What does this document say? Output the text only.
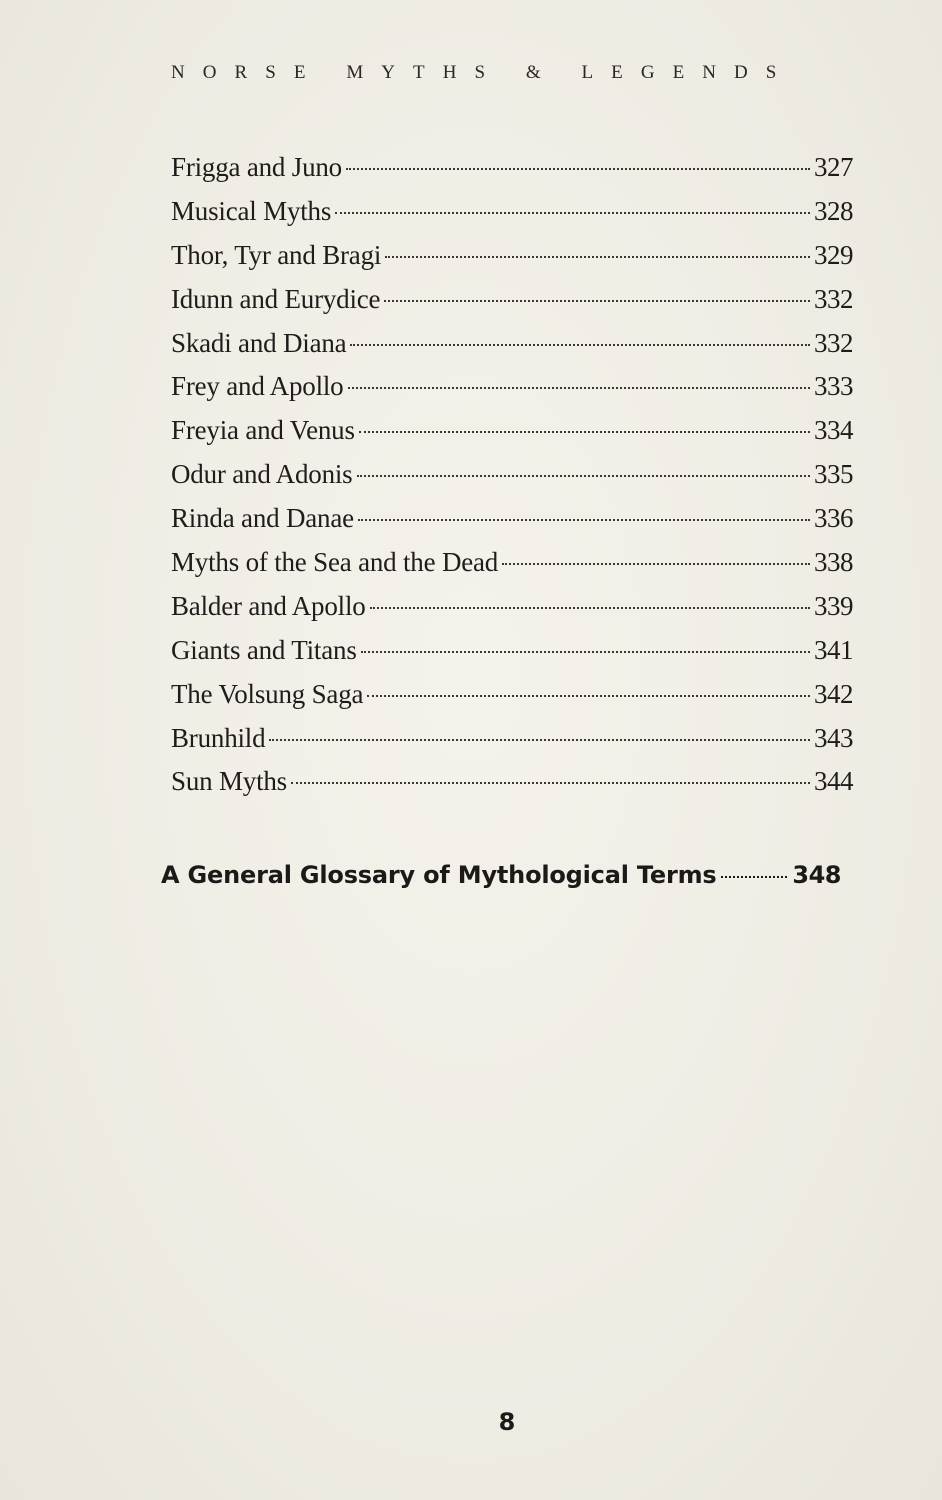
NORSE MYTHS & LEGENDS
Frigga and Juno	327
Musical Myths	328
Thor, Tyr and Bragi	329
Idunn and Eurydice	332
Skadi and Diana	332
Frey and Apollo	333
Freyia and Venus	334
Odur and Adonis	335
Rinda and Danae	336
Myths of the Sea and the Dead	338
Balder and Apollo	339
Giants and Titans	341
The Volsung Saga	342
Brunhild	343
Sun Myths	344
A General Glossary of Mythological Terms	348
8
